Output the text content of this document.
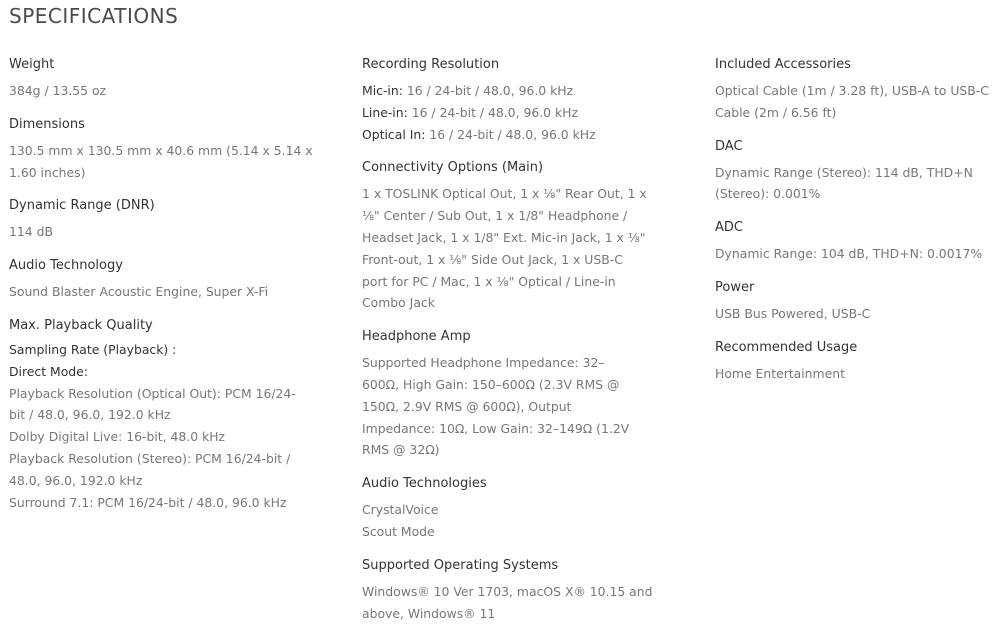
SPECIFICATIONS
Weight
384g / 13.55 oz
Dimensions
130.5 mm x 130.5 mm x 40.6 mm (5.14 x 5.14 x
1.60 inches)
Dynamic Range (DNR)
114 dB
Audio Technology
Sound Blaster Acoustic Engine, Super X-Fi
Max. Playback Quality
Sampling Rate (Playback) :
Direct Mode:
Playback Resolution (Optical Out): PCM 16/24-
bit / 48.0, 96.0, 192.0 kHz
Dolby Digital Live: 16-bit, 48.0 kHz
Playback Resolution (Stereo): PCM 16/24-bit /
48.0, 96.0, 192.0 kHz
Surround 7.1: PCM 16/24-bit / 48.0, 96.0 kHz
Recording Resolution
Mic-in: 16 / 24-bit / 48.0, 96.0 kHz
Line-in: 16 / 24-bit / 48.0, 96.0 kHz
Optical In: 16 / 24-bit / 48.0, 96.0 kHz
Connectivity Options (Main)
1 x TOSLINK Optical Out, 1 x ⅛" Rear Out, 1 x
⅛" Center / Sub Out, 1 x 1/8" Headphone /
Headset Jack, 1 x 1/8" Ext. Mic-in Jack, 1 x ⅛"
Front-out, 1 x ⅛" Side Out Jack, 1 x USB-C
port for PC / Mac, 1 x ⅛" Optical / Line-in
Combo Jack
Headphone Amp
Supported Headphone Impedance: 32–
600Ω, High Gain: 150–600Ω (2.3V RMS @
150Ω, 2.9V RMS @ 600Ω), Output
Impedance: 10Ω, Low Gain: 32–149Ω (1.2V
RMS @ 32Ω)
Audio Technologies
CrystalVoice
Scout Mode
Supported Operating Systems
Windows® 10 Ver 1703, macOS X® 10.15 and
above, Windows® 11
Included Accessories
Optical Cable (1m / 3.28 ft), USB-A to USB-C
Cable (2m / 6.56 ft)
DAC
Dynamic Range (Stereo): 114 dB, THD+N
(Stereo): 0.001%
ADC
Dynamic Range: 104 dB, THD+N: 0.0017%
Power
USB Bus Powered, USB-C
Recommended Usage
Home Entertainment
